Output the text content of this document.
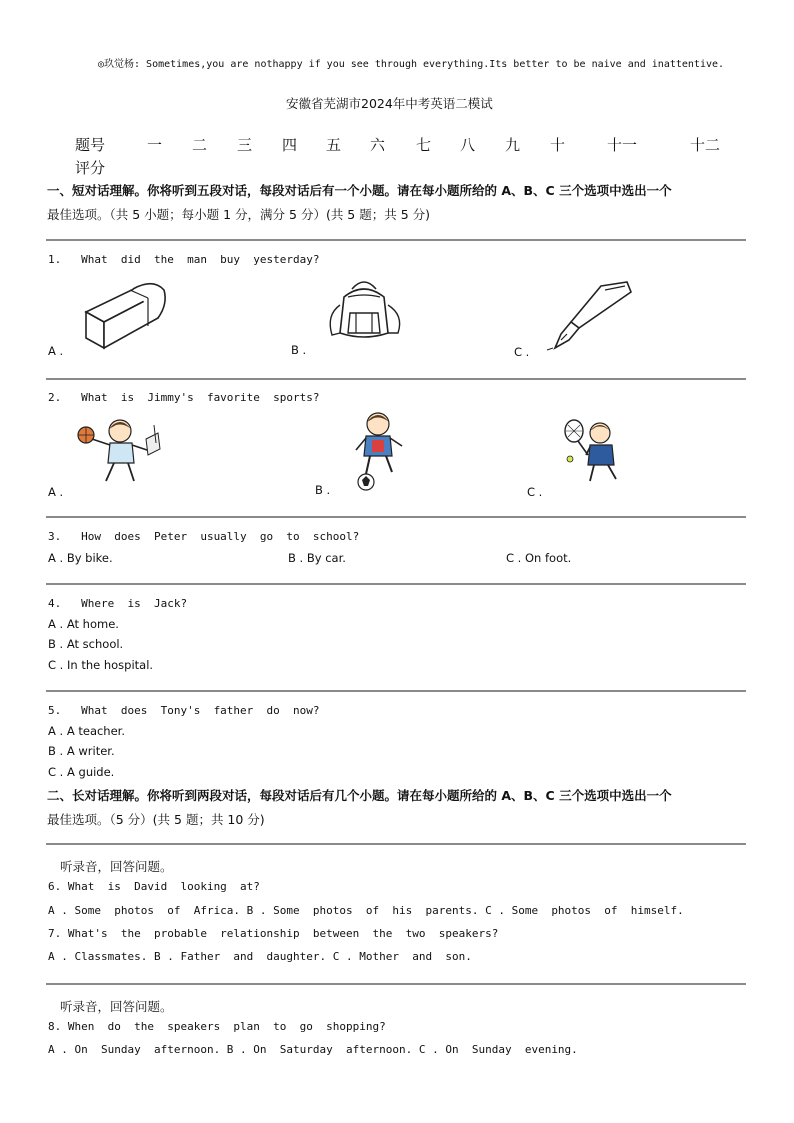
◎玖觉杨: Sometimes,you are nothappy if you see through everything.Its better to be naive and inattentive.
安徽省芜湖市2024年中考英语二模试
题号	一 二 三 四 五 六 七 八 九 十	十一	十二
评分
一、短对话理解。你将听到五段对话，每段对话后有一个小题。请在每小题所给的 A、B、C 三个选项中选出一个
最佳选项。（共 5 小题；每小题 1 分，满分 5 分）(共 5 题；共 5 分)
1.   What  did  the  man  buy  yesterday?
A .	B .	C .
2.   What  is  Jimmy's  favorite  sports?
A .	B .	C .
3.   How  does  Peter  usually  go  to  school?
A . By bike.	B . By car.	C . On foot.
4.   Where  is  Jack?
A . At home.
B . At school.
C . In the hospital.
5.   What  does  Tony's  father  do  now?
A . A teacher.
B . A writer.
C . A guide.
二、长对话理解。你将听到两段对话，每段对话后有几个小题。请在每小题所给的 A、B、C 三个选项中选出一个
最佳选项。（5 分）(共 5 题；共 10 分)
听录音，回答问题。
6. What  is  David  looking  at?
A . Some  photos  of  Africa. B . Some  photos  of  his  parents. C . Some  photos  of  himself.
7. What's  the  probable  relationship  between  the  two  speakers?
A . Classmates. B . Father  and  daughter. C . Mother  and  son.
听录音，回答问题。
8. When  do  the  speakers  plan  to  go  shopping?
A . On  Sunday  afternoon. B . On  Saturday  afternoon. C . On  Sunday  evening.
